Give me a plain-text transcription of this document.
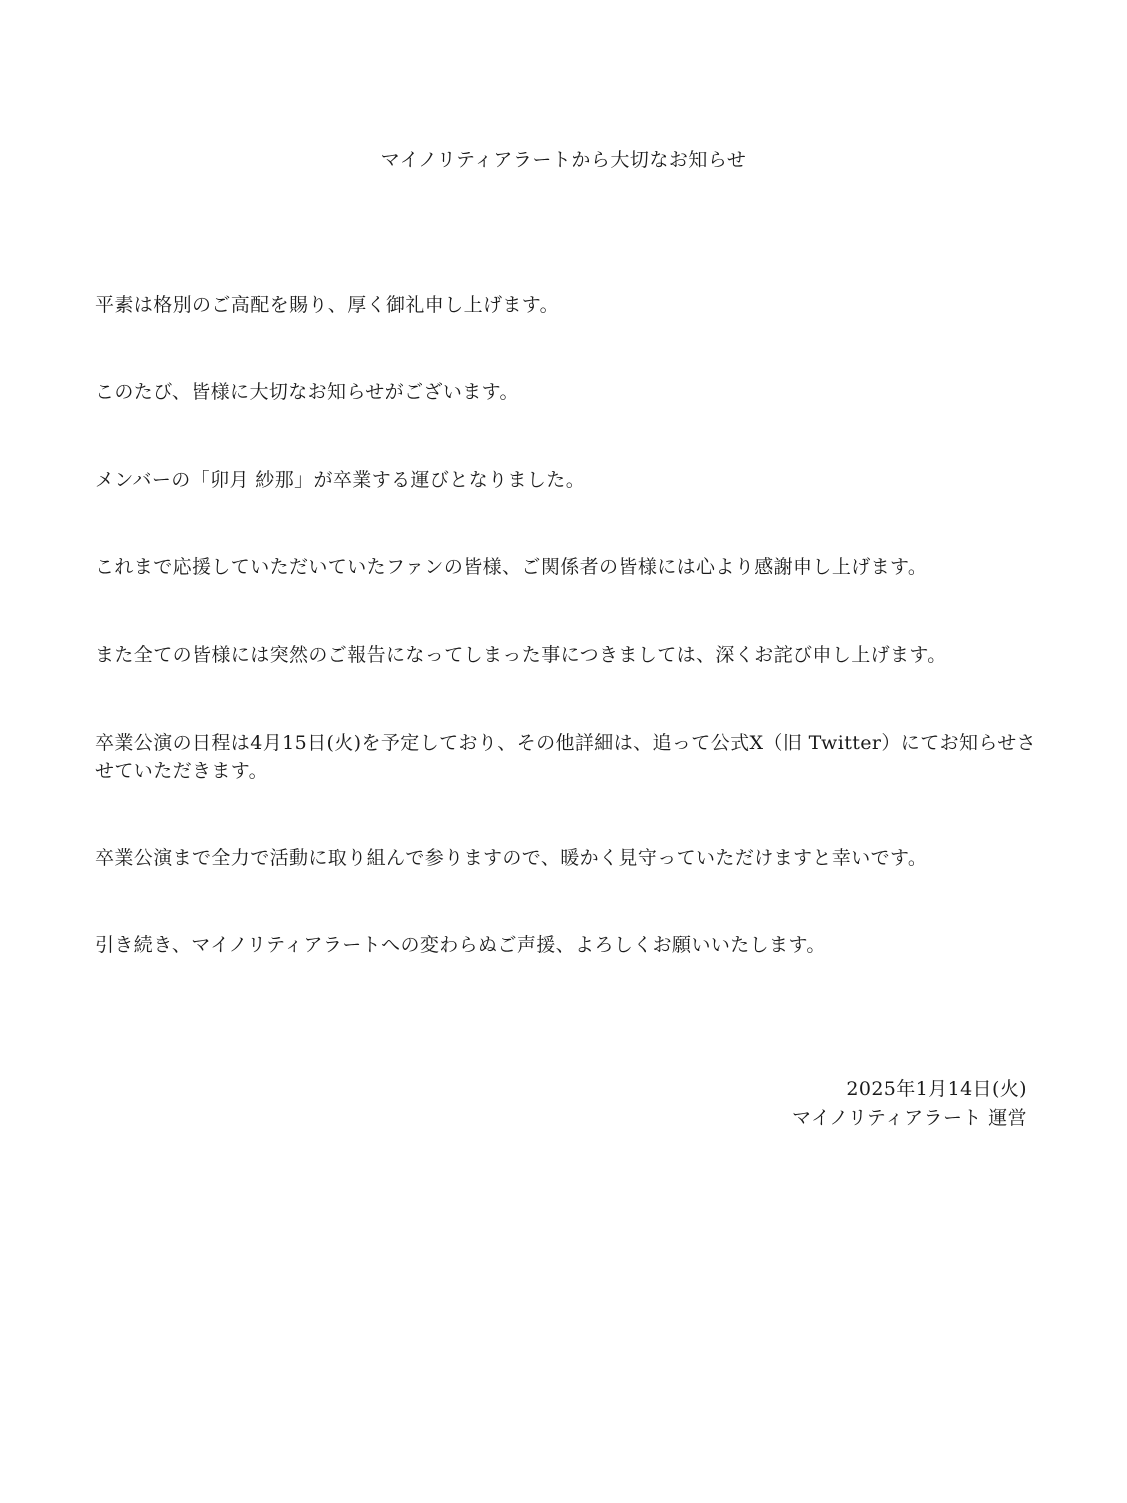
マイノリティアラートから大切なお知らせ
平素は格別のご高配を賜り、厚く御礼申し上げます。
このたび、皆様に大切なお知らせがございます。
メンバーの「卯月 紗那」が卒業する運びとなりました。
これまで応援していただいていたファンの皆様、ご関係者の皆様には心より感謝申し上げます。
また全ての皆様には突然のご報告になってしまった事につきましては、深くお詫び申し上げます。
卒業公演の日程は4月15日(火)を予定しており、その他詳細は、追って公式X（旧 Twitter）にてお知らせさ
せていただきます。
卒業公演まで全力で活動に取り組んで参りますので、暖かく見守っていただけますと幸いです。
引き続き、マイノリティアラートへの変わらぬご声援、よろしくお願いいたします。
2025年1月14日(火)
マイノリティアラート 運営
